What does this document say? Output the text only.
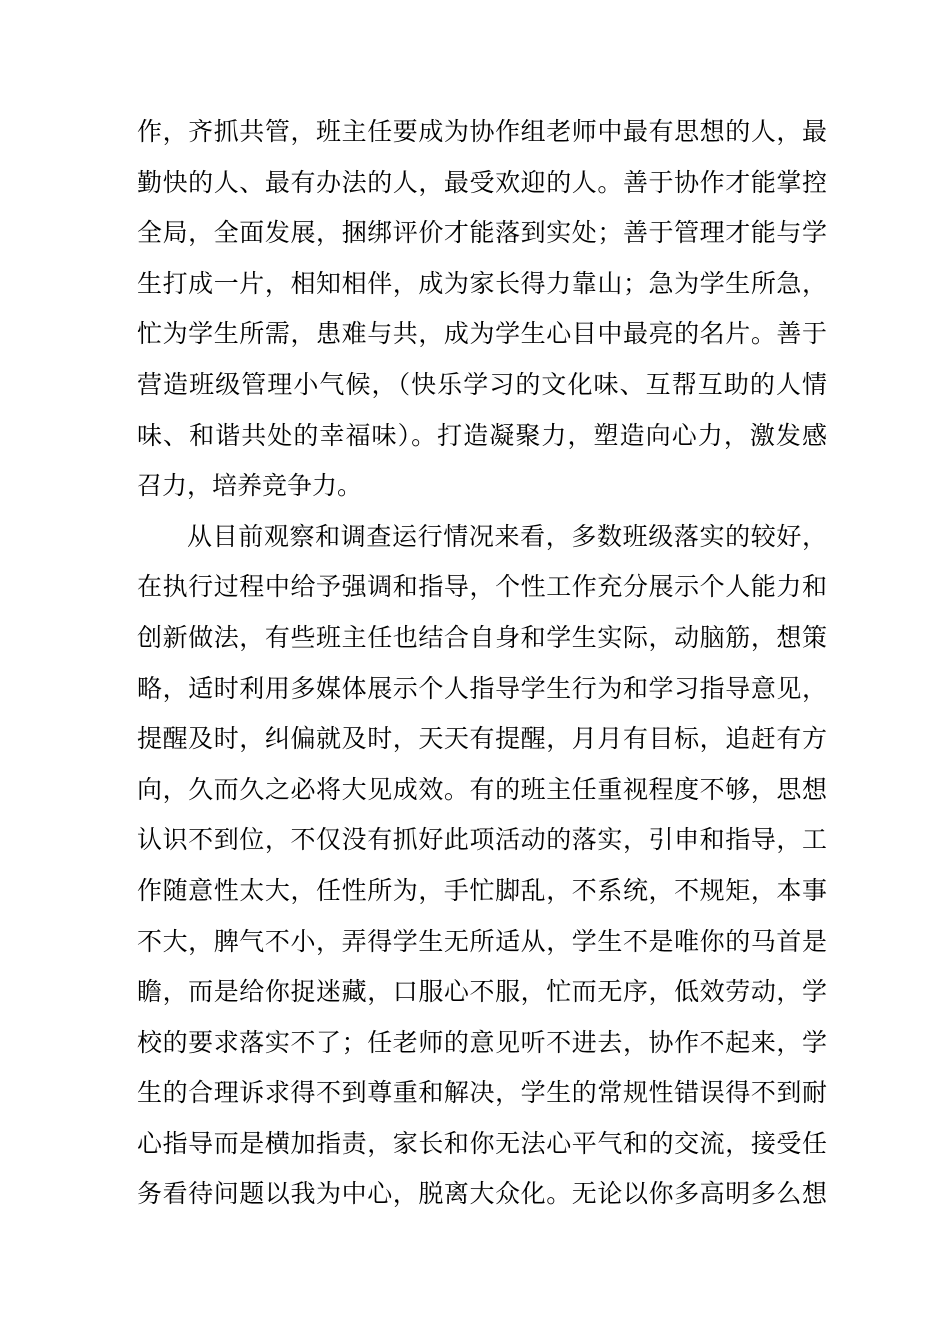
作，齐抓共管，班主任要成为协作组老师中最有思想的人，最
勤快的人、最有办法的人，最受欢迎的人。善于协作才能掌控
全局，全面发展，捆绑评价才能落到实处；善于管理才能与学
生打成一片，相知相伴，成为家长得力靠山；急为学生所急，
忙为学生所需，患难与共，成为学生心目中最亮的名片。善于
营造班级管理小气候，（快乐学习的文化味、互帮互助的人情
味、和谐共处的幸福味）。打造凝聚力，塑造向心力，激发感
召力，培养竞争力。
从目前观察和调查运行情况来看，多数班级落实的较好，
在执行过程中给予强调和指导，个性工作充分展示个人能力和
创新做法，有些班主任也结合自身和学生实际，动脑筋，想策
略，适时利用多媒体展示个人指导学生行为和学习指导意见，
提醒及时，纠偏就及时，天天有提醒，月月有目标，追赶有方
向，久而久之必将大见成效。有的班主任重视程度不够，思想
认识不到位，不仅没有抓好此项活动的落实，引申和指导，工
作随意性太大，任性所为，手忙脚乱，不系统，不规矩，本事
不大，脾气不小，弄得学生无所适从，学生不是唯你的马首是
瞻，而是给你捉迷藏，口服心不服，忙而无序，低效劳动，学
校的要求落实不了；任老师的意见听不进去，协作不起来，学
生的合理诉求得不到尊重和解决，学生的常规性错误得不到耐
心指导而是横加指责，家长和你无法心平气和的交流，接受任
务看待问题以我为中心，脱离大众化。无论以你多高明多么想
